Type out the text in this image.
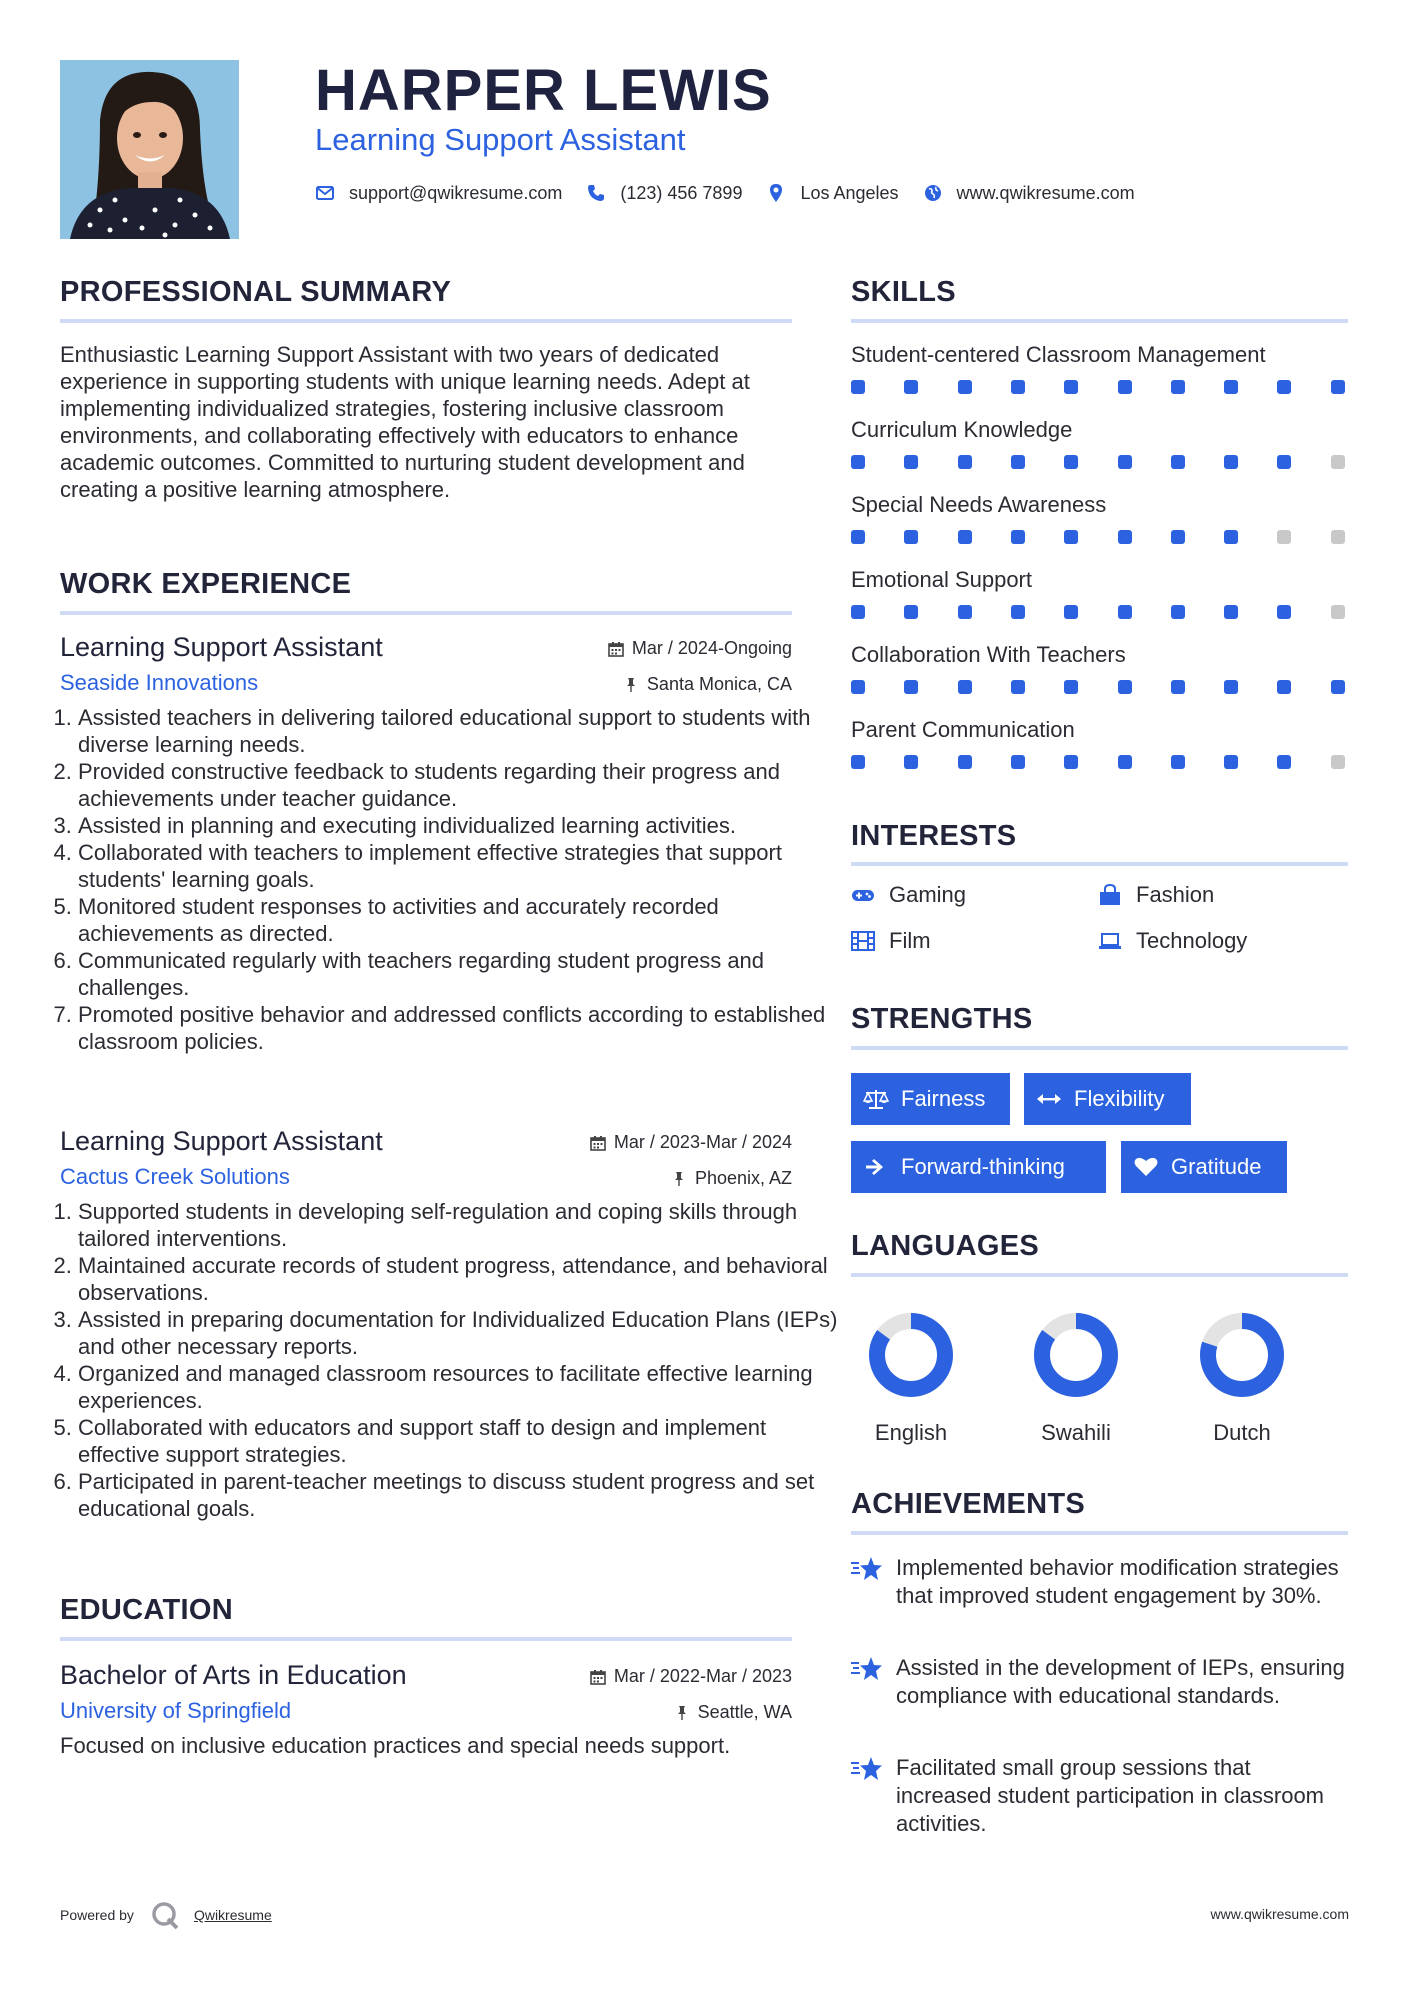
HARPER LEWIS
Learning Support Assistant
support@qwikresume.com	(123) 456 7899	Los Angeles	www.qwikresume.com
PROFESSIONAL SUMMARY
Enthusiastic Learning Support Assistant with two years of dedicated experience in supporting students with unique learning needs. Adept at implementing individualized strategies, fostering inclusive classroom environments, and collaborating effectively with educators to enhance academic outcomes. Committed to nurturing student development and creating a positive learning atmosphere.
WORK EXPERIENCE
Learning Support Assistant	Mar / 2024-Ongoing
Seaside Innovations	Santa Monica, CA
1. Assisted teachers in delivering tailored educational support to students with diverse learning needs.
2. Provided constructive feedback to students regarding their progress and achievements under teacher guidance.
3. Assisted in planning and executing individualized learning activities.
4. Collaborated with teachers to implement effective strategies that support students' learning goals.
5. Monitored student responses to activities and accurately recorded achievements as directed.
6. Communicated regularly with teachers regarding student progress and challenges.
7. Promoted positive behavior and addressed conflicts according to established classroom policies.
Learning Support Assistant	Mar / 2023-Mar / 2024
Cactus Creek Solutions	Phoenix, AZ
1. Supported students in developing self-regulation and coping skills through tailored interventions.
2. Maintained accurate records of student progress, attendance, and behavioral observations.
3. Assisted in preparing documentation for Individualized Education Plans (IEPs) and other necessary reports.
4. Organized and managed classroom resources to facilitate effective learning experiences.
5. Collaborated with educators and support staff to design and implement effective support strategies.
6. Participated in parent-teacher meetings to discuss student progress and set educational goals.
EDUCATION
Bachelor of Arts in Education	Mar / 2022-Mar / 2023
University of Springfield	Seattle, WA
Focused on inclusive education practices and special needs support.
SKILLS
Student-centered Classroom Management
Curriculum Knowledge
Special Needs Awareness
Emotional Support
Collaboration With Teachers
Parent Communication
INTERESTS
Gaming	Fashion
Film	Technology
STRENGTHS
Fairness	Flexibility
Forward-thinking	Gratitude
LANGUAGES
English	Swahili	Dutch
ACHIEVEMENTS
Implemented behavior modification strategies that improved student engagement by 30%.
Assisted in the development of IEPs, ensuring compliance with educational standards.
Facilitated small group sessions that increased student participation in classroom activities.
Powered by	Qwikresume	www.qwikresume.com
